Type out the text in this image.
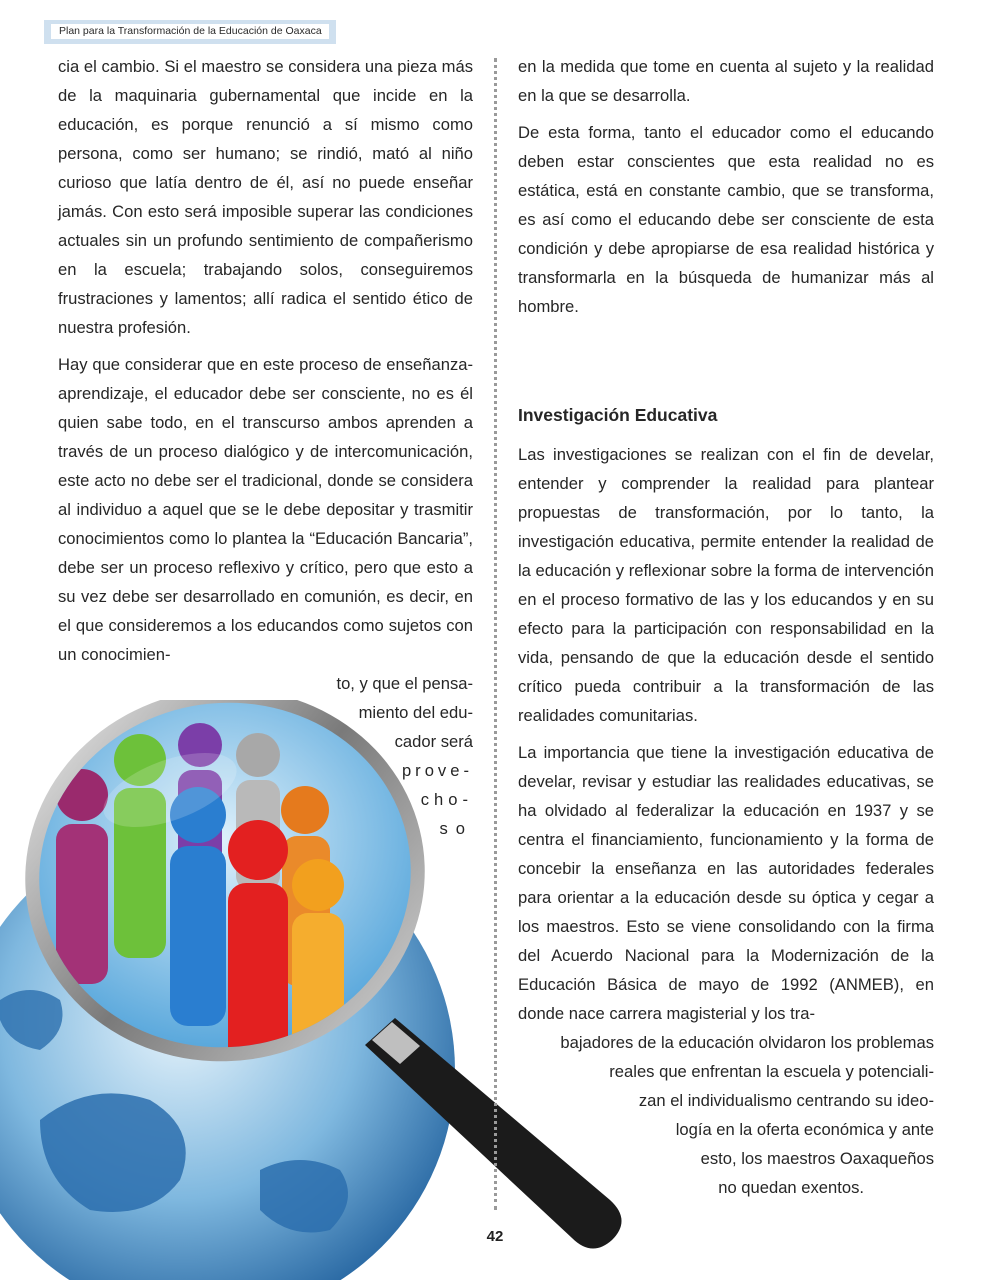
Plan para la Transformación de la Educación de Oaxaca

cia el cambio. Si el maestro se considera una pieza más de la maquinaria gubernamental que incide en la educación, es porque renunció a sí mismo como persona, como ser humano; se rindió, mató al niño curioso que latía dentro de él, así no puede enseñar jamás. Con esto será imposible superar las condiciones actuales sin un profundo sentimiento de compañerismo en la escuela; trabajando solos, conseguiremos frustraciones y lamentos; allí radica el sentido ético de nuestra profesión.

Hay que considerar que en este proceso de enseñanza-aprendizaje, el educador debe ser consciente, no es él quien sabe todo, en el transcurso ambos aprenden a través de un proceso dialógico y de intercomunicación, este acto no debe ser el tradicional, donde se considera al individuo a aquel que se le debe depositar y trasmitir conocimientos como lo plantea la “Educación Bancaria”, debe ser un proceso reflexivo y crítico, pero que esto a su vez debe ser desarrollado en comunión, es decir, en el que consideremos a los educandos como sujetos con un conocimien-

to, y que el pensa-
miento del edu-
cador será
prove-
cho-
so

en la medida que tome en cuenta al sujeto y la realidad en la que se desarrolla.

De esta forma, tanto el educador como el educando deben estar conscientes que esta realidad no es estática, está en constante cambio, que se transforma, es así como el educando debe ser consciente de esta condición y debe apropiarse de esa realidad histórica y transformarla en la búsqueda de humanizar más al hombre.

Investigación Educativa

Las investigaciones se realizan con el fin de develar, entender y comprender la realidad para plantear propuestas de transformación, por lo tanto, la investigación educativa, permite entender la realidad de la educación y reflexionar sobre la forma de intervención en el proceso formativo de las y los educandos y en su efecto para la participación con responsabilidad en la vida, pensando de que la educación desde el sentido crítico pueda contribuir a la transformación de las realidades comunitarias.

La importancia que tiene la investigación educativa de develar, revisar y estudiar las realidades educativas, se ha olvidado al federalizar la educación en 1937 y se centra el financiamiento, funcionamiento y la forma de concebir la enseñanza en las autoridades federales para orientar a la educación desde su óptica y cegar a los maestros. Esto se viene consolidando con la firma del Acuerdo Nacional para la Modernización de la Educación Básica de mayo de 1992 (ANMEB), en donde nace carrera magisterial y los tra-

bajadores de la educación olvidaron los problemas
reales que enfrentan la escuela y potenciali-
zan el individualismo centrando su ideo-
logía en la oferta económica y ante
esto, los maestros Oaxaqueños
no quedan exentos.
42
